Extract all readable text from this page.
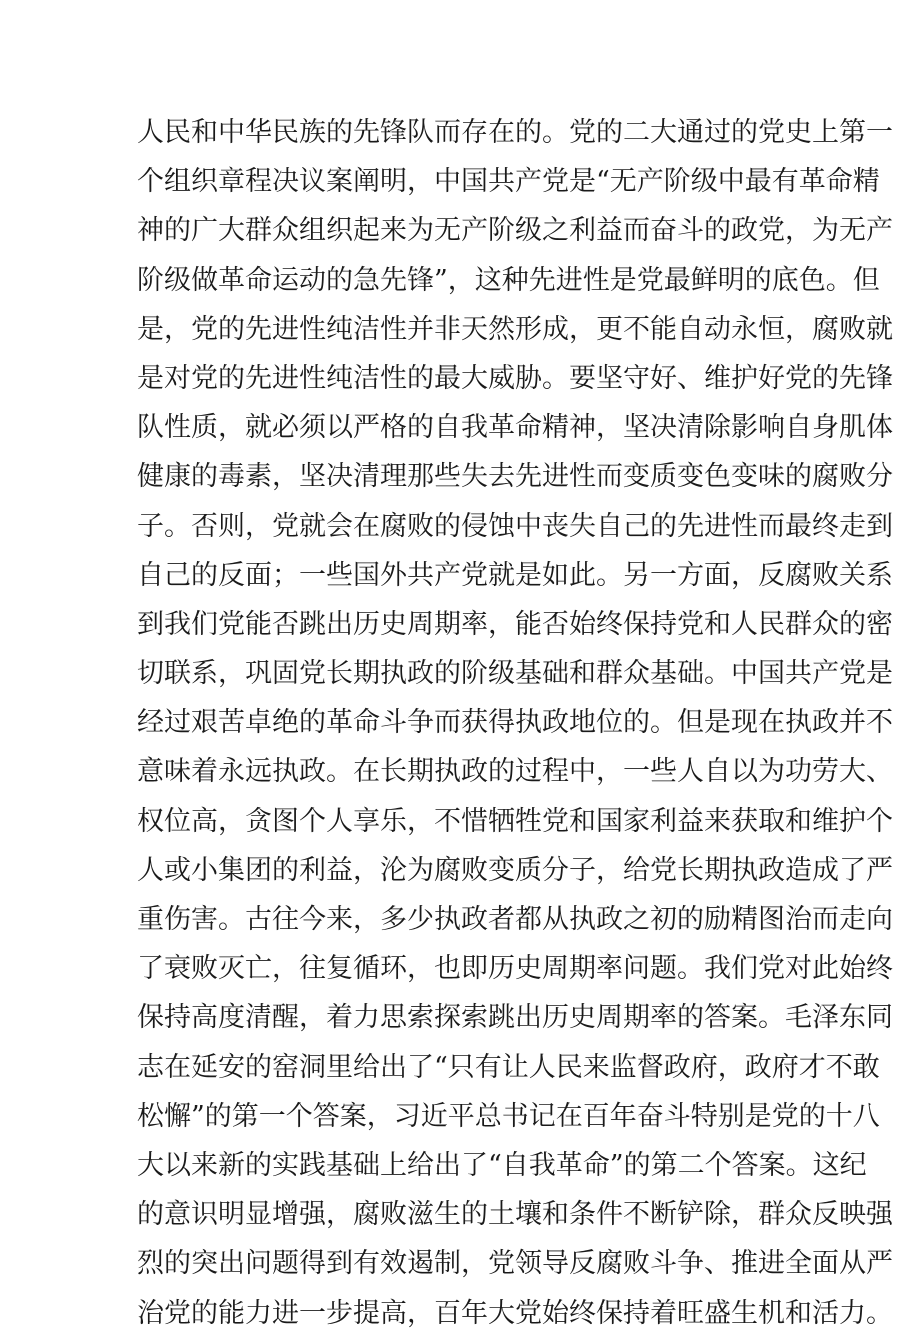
人民和中华民族的先锋队而存在的。党的二大通过的党史上第一
个组织章程决议案阐明，中国共产党是“无产阶级中最有革命精
神的广大群众组织起来为无产阶级之利益而奋斗的政党，为无产
阶级做革命运动的急先锋”，这种先进性是党最鲜明的底色。但
是，党的先进性纯洁性并非天然形成，更不能自动永恒，腐败就
是对党的先进性纯洁性的最大威胁。要坚守好、维护好党的先锋
队性质，就必须以严格的自我革命精神，坚决清除影响自身肌体
健康的毒素，坚决清理那些失去先进性而变质变色变味的腐败分
子。否则，党就会在腐败的侵蚀中丧失自己的先进性而最终走到
自己的反面；一些国外共产党就是如此。另一方面，反腐败关系
到我们党能否跳出历史周期率，能否始终保持党和人民群众的密
切联系，巩固党长期执政的阶级基础和群众基础。中国共产党是
经过艰苦卓绝的革命斗争而获得执政地位的。但是现在执政并不
意味着永远执政。在长期执政的过程中，一些人自以为功劳大、
权位高，贪图个人享乐，不惜牺牲党和国家利益来获取和维护个
人或小集团的利益，沦为腐败变质分子，给党长期执政造成了严
重伤害。古往今来，多少执政者都从执政之初的励精图治而走向
了衰败灭亡，往复循环，也即历史周期率问题。我们党对此始终
保持高度清醒，着力思索探索跳出历史周期率的答案。毛泽东同
志在延安的窑洞里给出了“只有让人民来监督政府，政府才不敢
松懈”的第一个答案，习近平总书记在百年奋斗特别是党的十八
大以来新的实践基础上给出了“自我革命”的第二个答案。这纪
的意识明显增强，腐败滋生的土壤和条件不断铲除，群众反映强
烈的突出问题得到有效遏制，党领导反腐败斗争、推进全面从严
治党的能力进一步提高，百年大党始终保持着旺盛生机和活力。
